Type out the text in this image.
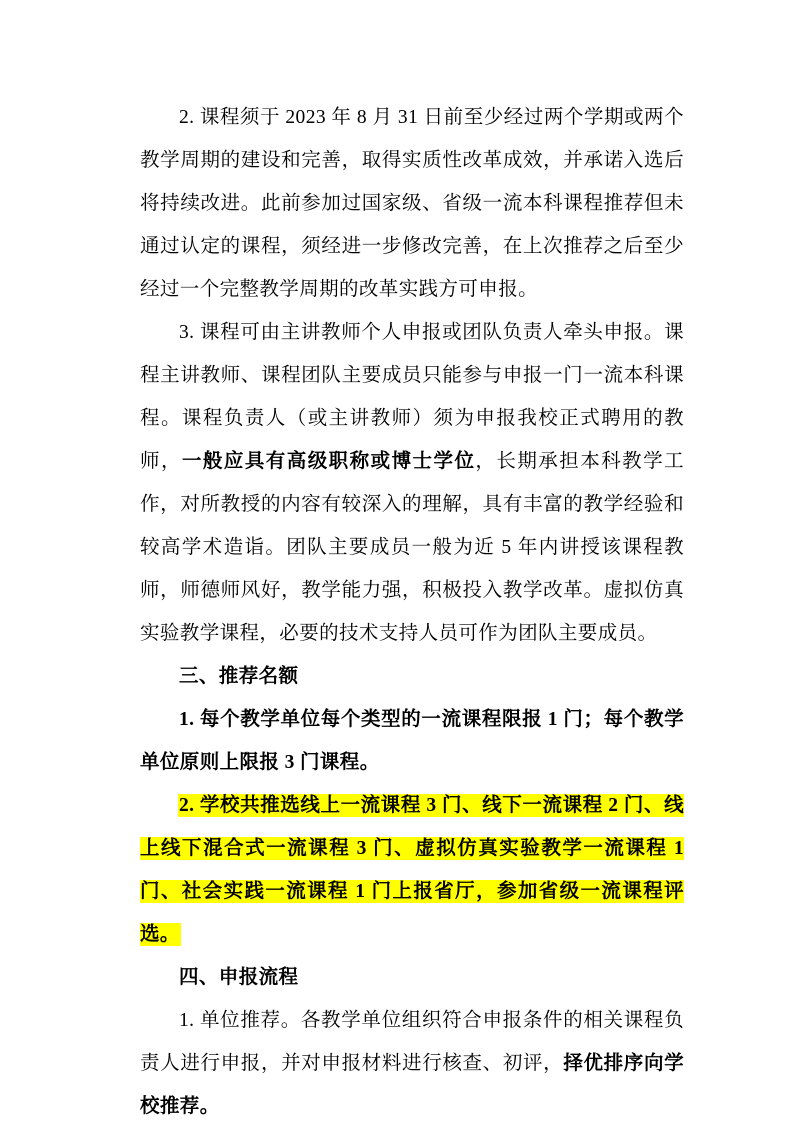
2. 课程须于 2023 年 8 月 31 日前至少经过两个学期或两个教学周期的建设和完善，取得实质性改革成效，并承诺入选后将持续改进。此前参加过国家级、省级一流本科课程推荐但未通过认定的课程，须经进一步修改完善，在上次推荐之后至少经过一个完整教学周期的改革实践方可申报。

3. 课程可由主讲教师个人申报或团队负责人牵头申报。课程主讲教师、课程团队主要成员只能参与申报一门一流本科课程。课程负责人（或主讲教师）须为申报我校正式聘用的教师，一般应具有高级职称或博士学位，长期承担本科教学工作，对所教授的内容有较深入的理解，具有丰富的教学经验和较高学术造诣。团队主要成员一般为近 5 年内讲授该课程教师，师德师风好，教学能力强，积极投入教学改革。虚拟仿真实验教学课程，必要的技术支持人员可作为团队主要成员。

三、推荐名额

1. 每个教学单位每个类型的一流课程限报 1 门；每个教学单位原则上限报 3 门课程。

2. 学校共推选线上一流课程 3 门、线下一流课程 2 门、线上线下混合式一流课程 3 门、虚拟仿真实验教学一流课程 1 门、社会实践一流课程 1 门上报省厅，参加省级一流课程评选。

四、申报流程

1. 单位推荐。各教学单位组织符合申报条件的相关课程负责人进行申报，并对申报材料进行核查、初评，择优排序向学校推荐。
